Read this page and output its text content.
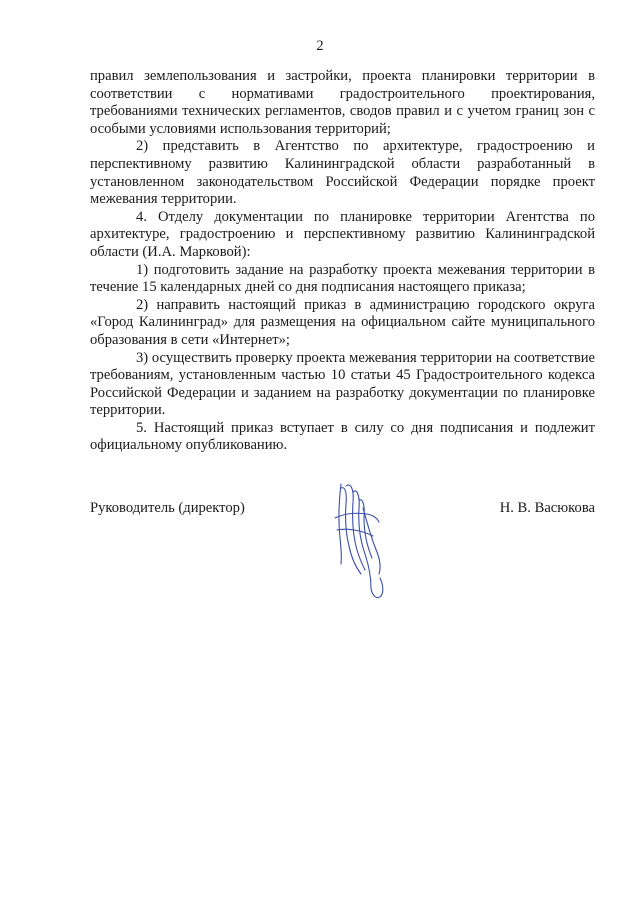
2

правил землепользования и застройки, проекта планировки территории в соответствии с нормативами градостроительного проектирования, требованиями технических регламентов, сводов правил и с учетом границ зон с особыми условиями использования территорий;

2) представить в Агентство по архитектуре, градостроению и перспективному развитию Калининградской области разработанный в установленном законодательством Российской Федерации порядке проект межевания территории.

4. Отделу документации по планировке территории Агентства по архитектуре, градостроению и перспективному развитию Калининградской области (И.А. Марковой):

1) подготовить задание на разработку проекта межевания территории в течение 15 календарных дней со дня подписания настоящего приказа;

2) направить настоящий приказ в администрацию городского округа «Город Калининград» для размещения на официальном сайте муниципального образования в сети «Интернет»;

3) осуществить проверку проекта межевания территории на соответствие требованиям, установленным частью 10 статьи 45 Градостроительного кодекса Российской Федерации и заданием на разработку документации по планировке территории.

5. Настоящий приказ вступает в силу со дня подписания и подлежит официальному опубликованию.

Руководитель (директор)	Н. В. Васюкова
